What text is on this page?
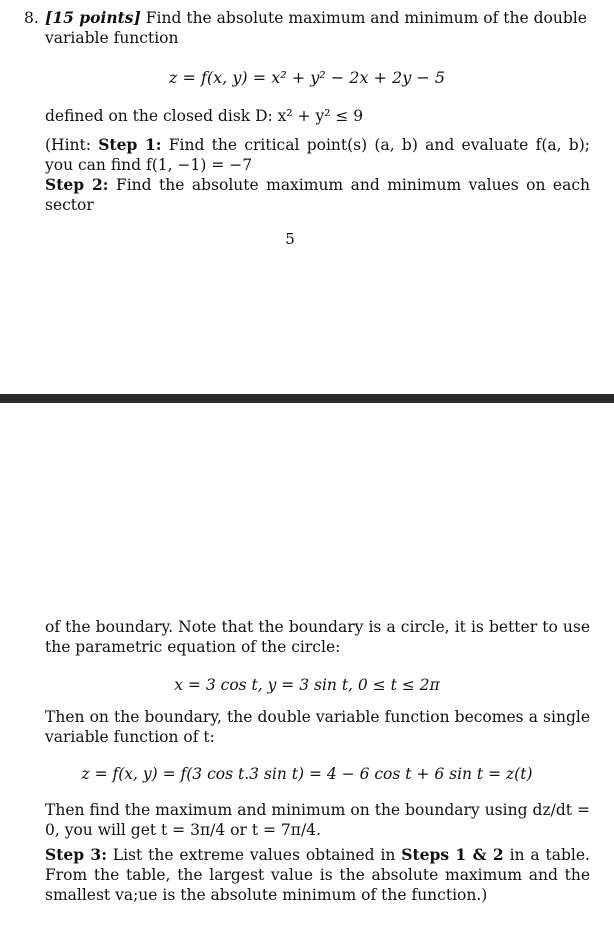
8. [15 points] Find the absolute maximum and minimum of the double variable function
z = f(x, y) = x² + y² − 2x + 2y − 5
defined on the closed disk D: x² + y² ≤ 9
(Hint: Step 1: Find the critical point(s) (a, b) and evaluate f(a, b); you can find f(1, −1) = −7
Step 2: Find the absolute maximum and minimum values on each sector
5
of the boundary. Note that the boundary is a circle, it is better to use the parametric equation of the circle:
x = 3 cos t, y = 3 sin t, 0 ≤ t ≤ 2π
Then on the boundary, the double variable function becomes a single variable function of t:
z = f(x, y) = f(3 cos t.3 sin t) = 4 − 6 cos t + 6 sin t = z(t)
Then find the maximum and minimum on the boundary using dz/dt = 0, you will get t = 3π/4 or t = 7π/4.
Step 3: List the extreme values obtained in Steps 1 & 2 in a table. From the table, the largest value is the absolute maximum and the smallest va;ue is the absolute minimum of the function.)
